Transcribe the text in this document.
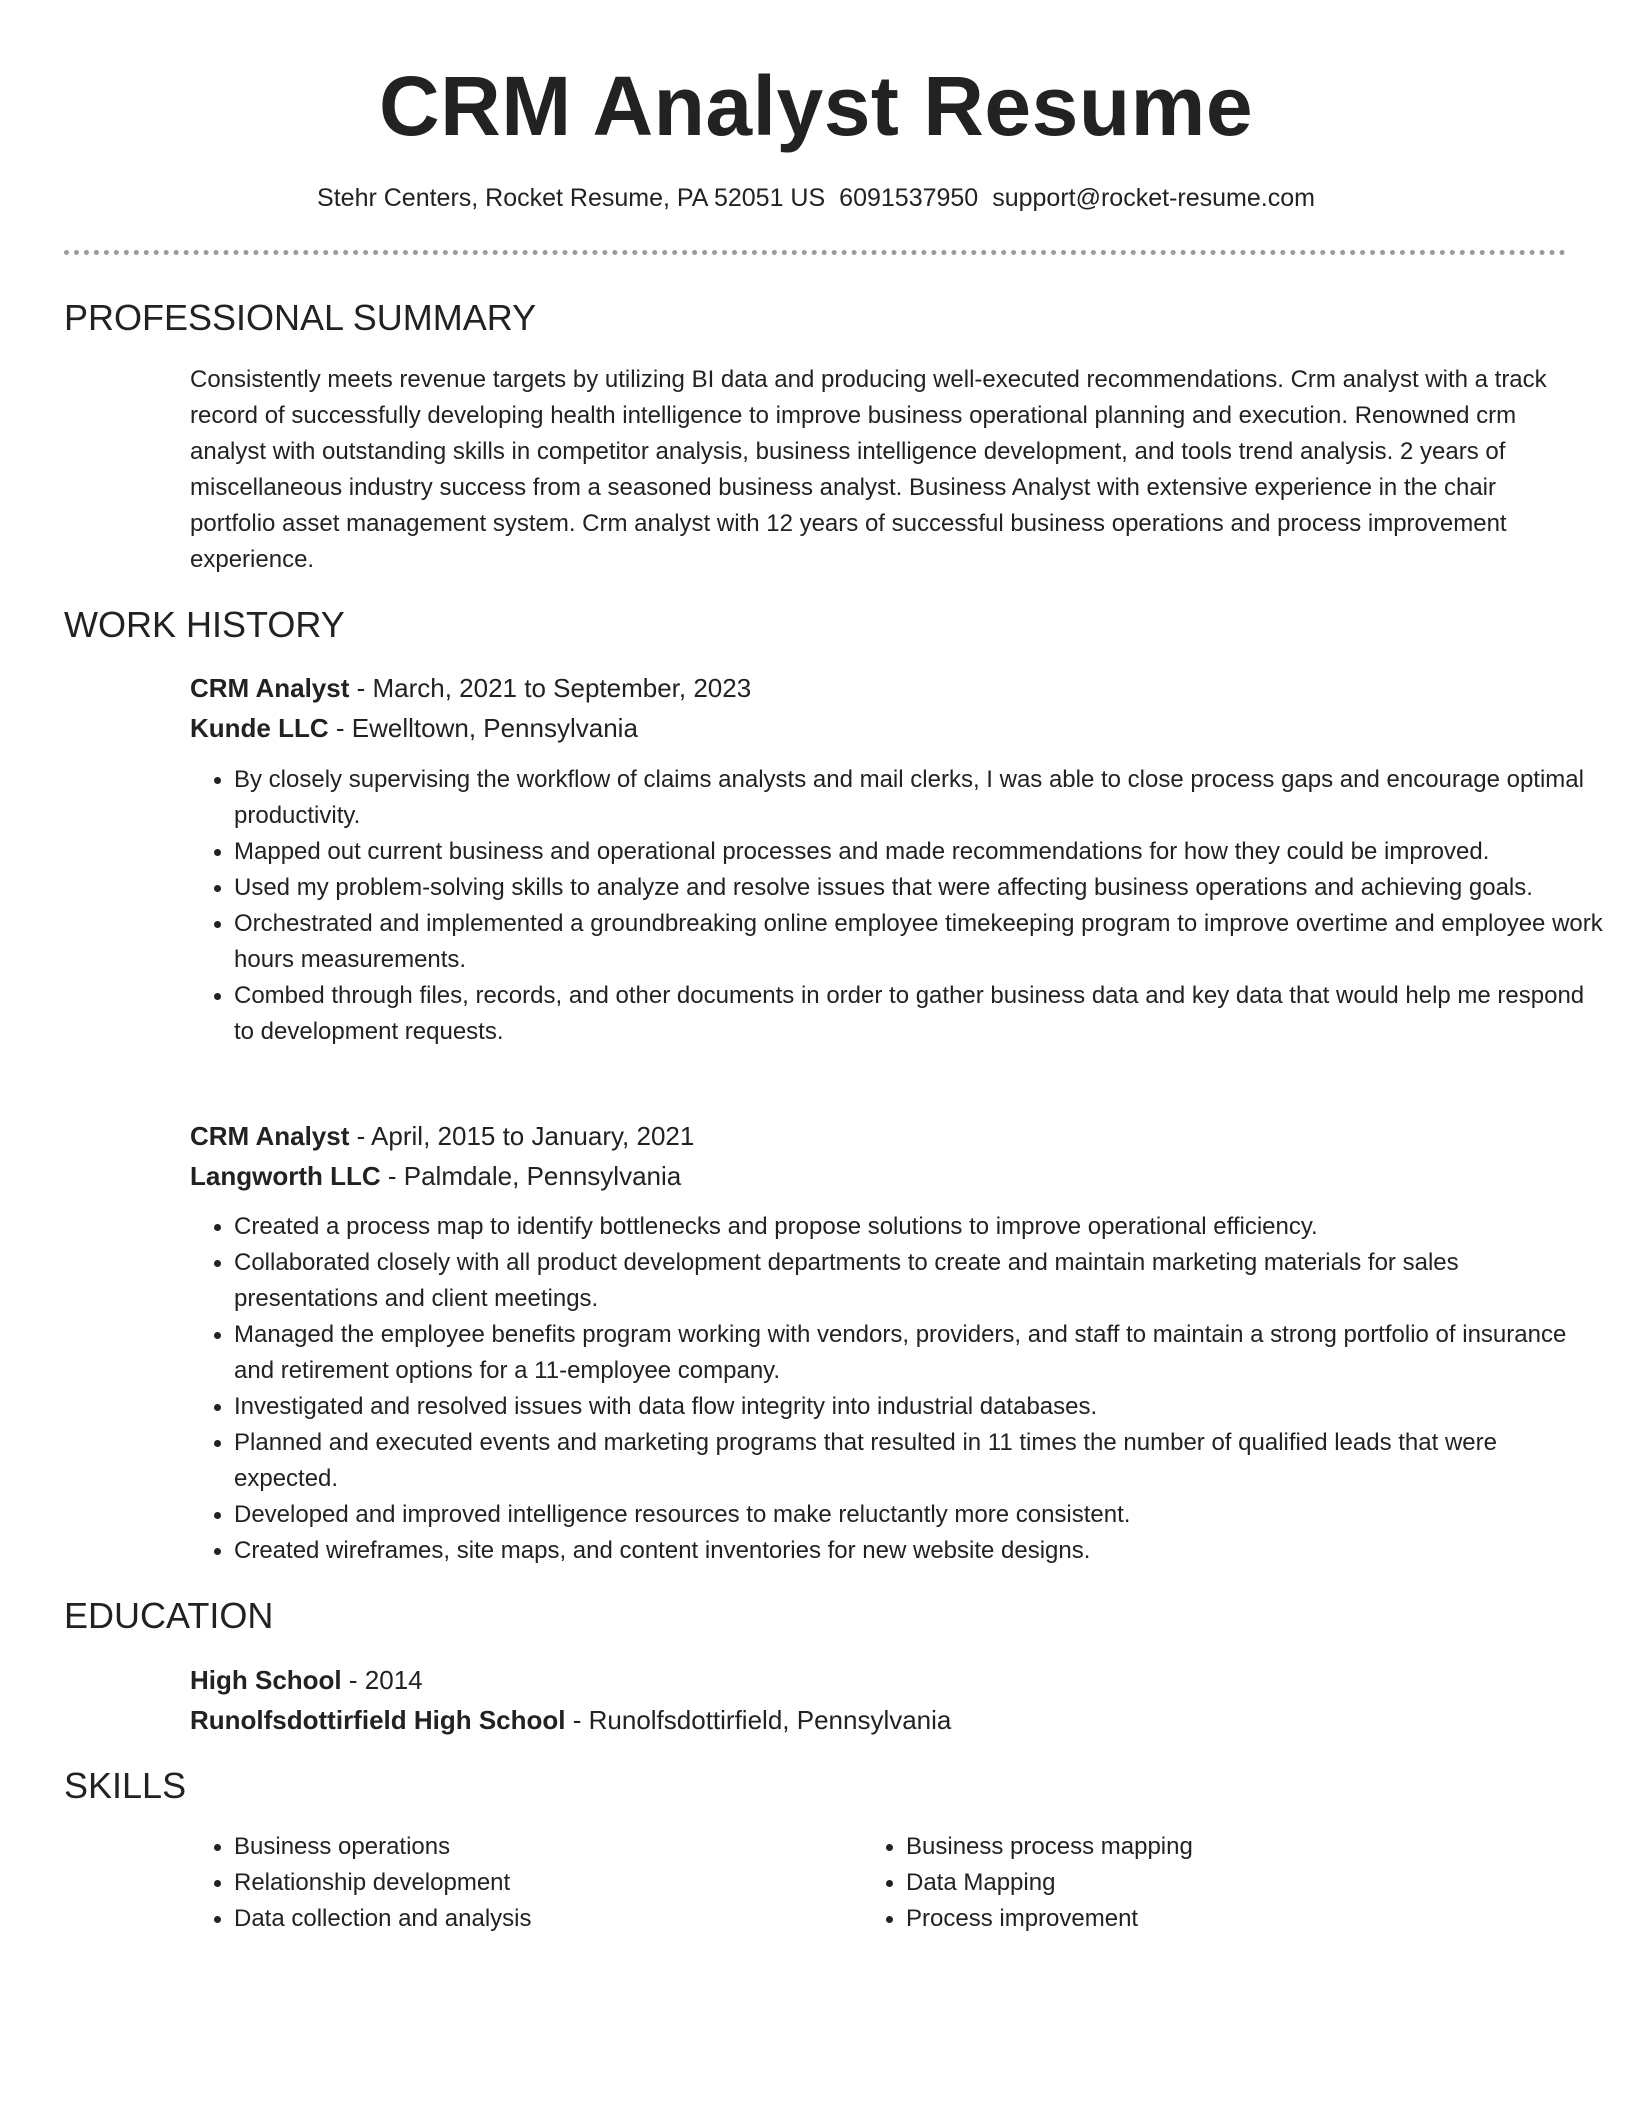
CRM Analyst Resume
Stehr Centers, Rocket Resume, PA 52051 US 6091537950 support@rocket-resume.com
PROFESSIONAL SUMMARY

Consistently meets revenue targets by utilizing BI data and producing well-executed recommendations. Crm analyst with a track record of successfully developing health intelligence to improve business operational planning and execution. Renowned crm analyst with outstanding skills in competitor analysis, business intelligence development, and tools trend analysis. 2 years of miscellaneous industry success from a seasoned business analyst. Business Analyst with extensive experience in the chair portfolio asset management system. Crm analyst with 12 years of successful business operations and process improvement experience.

WORK HISTORY
CRM Analyst - March, 2021 to September, 2023
Kunde LLC - Ewelltown, Pennsylvania
• By closely supervising the workflow of claims analysts and mail clerks, I was able to close process gaps and encourage optimal productivity.
• Mapped out current business and operational processes and made recommendations for how they could be improved.
• Used my problem-solving skills to analyze and resolve issues that were affecting business operations and achieving goals.
• Orchestrated and implemented a groundbreaking online employee timekeeping program to improve overtime and employee work hours measurements.
• Combed through files, records, and other documents in order to gather business data and key data that would help me respond to development requests.
CRM Analyst - April, 2015 to January, 2021
Langworth LLC - Palmdale, Pennsylvania
• Created a process map to identify bottlenecks and propose solutions to improve operational efficiency.
• Collaborated closely with all product development departments to create and maintain marketing materials for sales presentations and client meetings.
• Managed the employee benefits program working with vendors, providers, and staff to maintain a strong portfolio of insurance and retirement options for a 11-employee company.
• Investigated and resolved issues with data flow integrity into industrial databases.
• Planned and executed events and marketing programs that resulted in 11 times the number of qualified leads that were expected.
• Developed and improved intelligence resources to make reluctantly more consistent.
• Created wireframes, site maps, and content inventories for new website designs.
EDUCATION
High School - 2014
Runolfsdottirfield High School - Runolfsdottirfield, Pennsylvania
SKILLS
• Business operations
• Relationship development
• Data collection and analysis
• Business process mapping
• Data Mapping
• Process improvement
